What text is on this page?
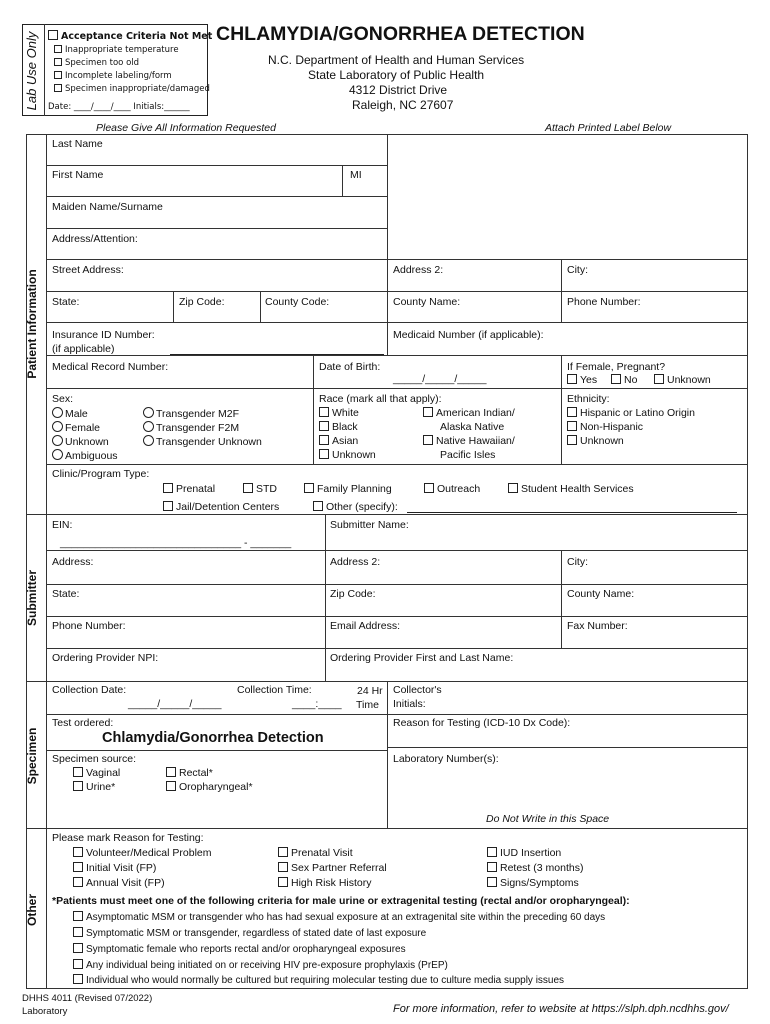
Lab Use Only	Acceptance Criteria Not Met
Inappropriate temperature
Specimen too old
Incomplete labeling/form
Specimen inappropriate/damaged
Date: ____/____/____ Initials:______
CHLAMYDIA/GONORRHEA DETECTION
N.C. Department of Health and Human Services
State Laboratory of Public Health
4312 District Drive
Raleigh, NC 27607
Please Give All Information Requested	Attach Printed Label Below
Patient Information
Submitter
Specimen
Other
Last Name
First Name	MI
Maiden Name/Surname
Address/Attention:
Street Address:	Address 2:	City:
State:	Zip Code:	County Code:	County Name:	Phone Number:
Insurance ID Number:
(if applicable)
Medicaid Number (if applicable):
Medical Record Number:	Date of Birth:
_____/_____/_____
If Female, Pregnant?
Yes	No	Unknown
Sex:
Male
Female
Unknown
Ambiguous
Transgender M2F
Transgender F2M
Transgender Unknown
Race (mark all that apply):
White
Black
Asian
Unknown
American Indian/
Alaska Native
Native Hawaiian/
Pacific Isles
Ethnicity:
Hispanic or Latino Origin
Non-Hispanic
Unknown
Clinic/Program Type:
Prenatal	STD	Family Planning	Outreach	Student Health Services
Jail/Detention Centers	Other (specify):
EIN:
_______________________________ - _______
Submitter Name:
Address:	Address 2:	City:
State:	Zip Code:	County Name:
Phone Number:	Email Address:	Fax Number:
Ordering Provider NPI:	Ordering Provider First and Last Name:
Collection Date:
_____/_____/_____
Collection Time:
____:____
24 Hr
Time
Collector's
Initials:
Test ordered:
Chlamydia/Gonorrhea Detection
Reason for Testing (ICD-10 Dx Code):
Specimen source:
Vaginal
Urine*
Rectal*
Oropharyngeal*
Laboratory Number(s):
Do Not Write in this Space
Please mark Reason for Testing:
Volunteer/Medical Problem
Initial Visit (FP)
Annual Visit (FP)
Prenatal Visit
Sex Partner Referral
High Risk History
IUD Insertion
Retest (3 months)
Signs/Symptoms
*Patients must meet one of the following criteria for male urine or extragenital testing (rectal and/or oropharyngeal):
Asymptomatic MSM or transgender who has had sexual exposure at an extragenital site within the preceding 60 days
Symptomatic MSM or transgender, regardless of stated date of last exposure
Symptomatic female who reports rectal and/or oropharyngeal exposures
Any individual being initiated on or receiving HIV pre-exposure prophylaxis (PrEP)
Individual who would normally be cultured but requiring molecular testing due to culture media supply issues
DHHS 4011 (Revised 07/2022)
Laboratory	For more information, refer to website at https://slph.dph.ncdhhs.gov/
